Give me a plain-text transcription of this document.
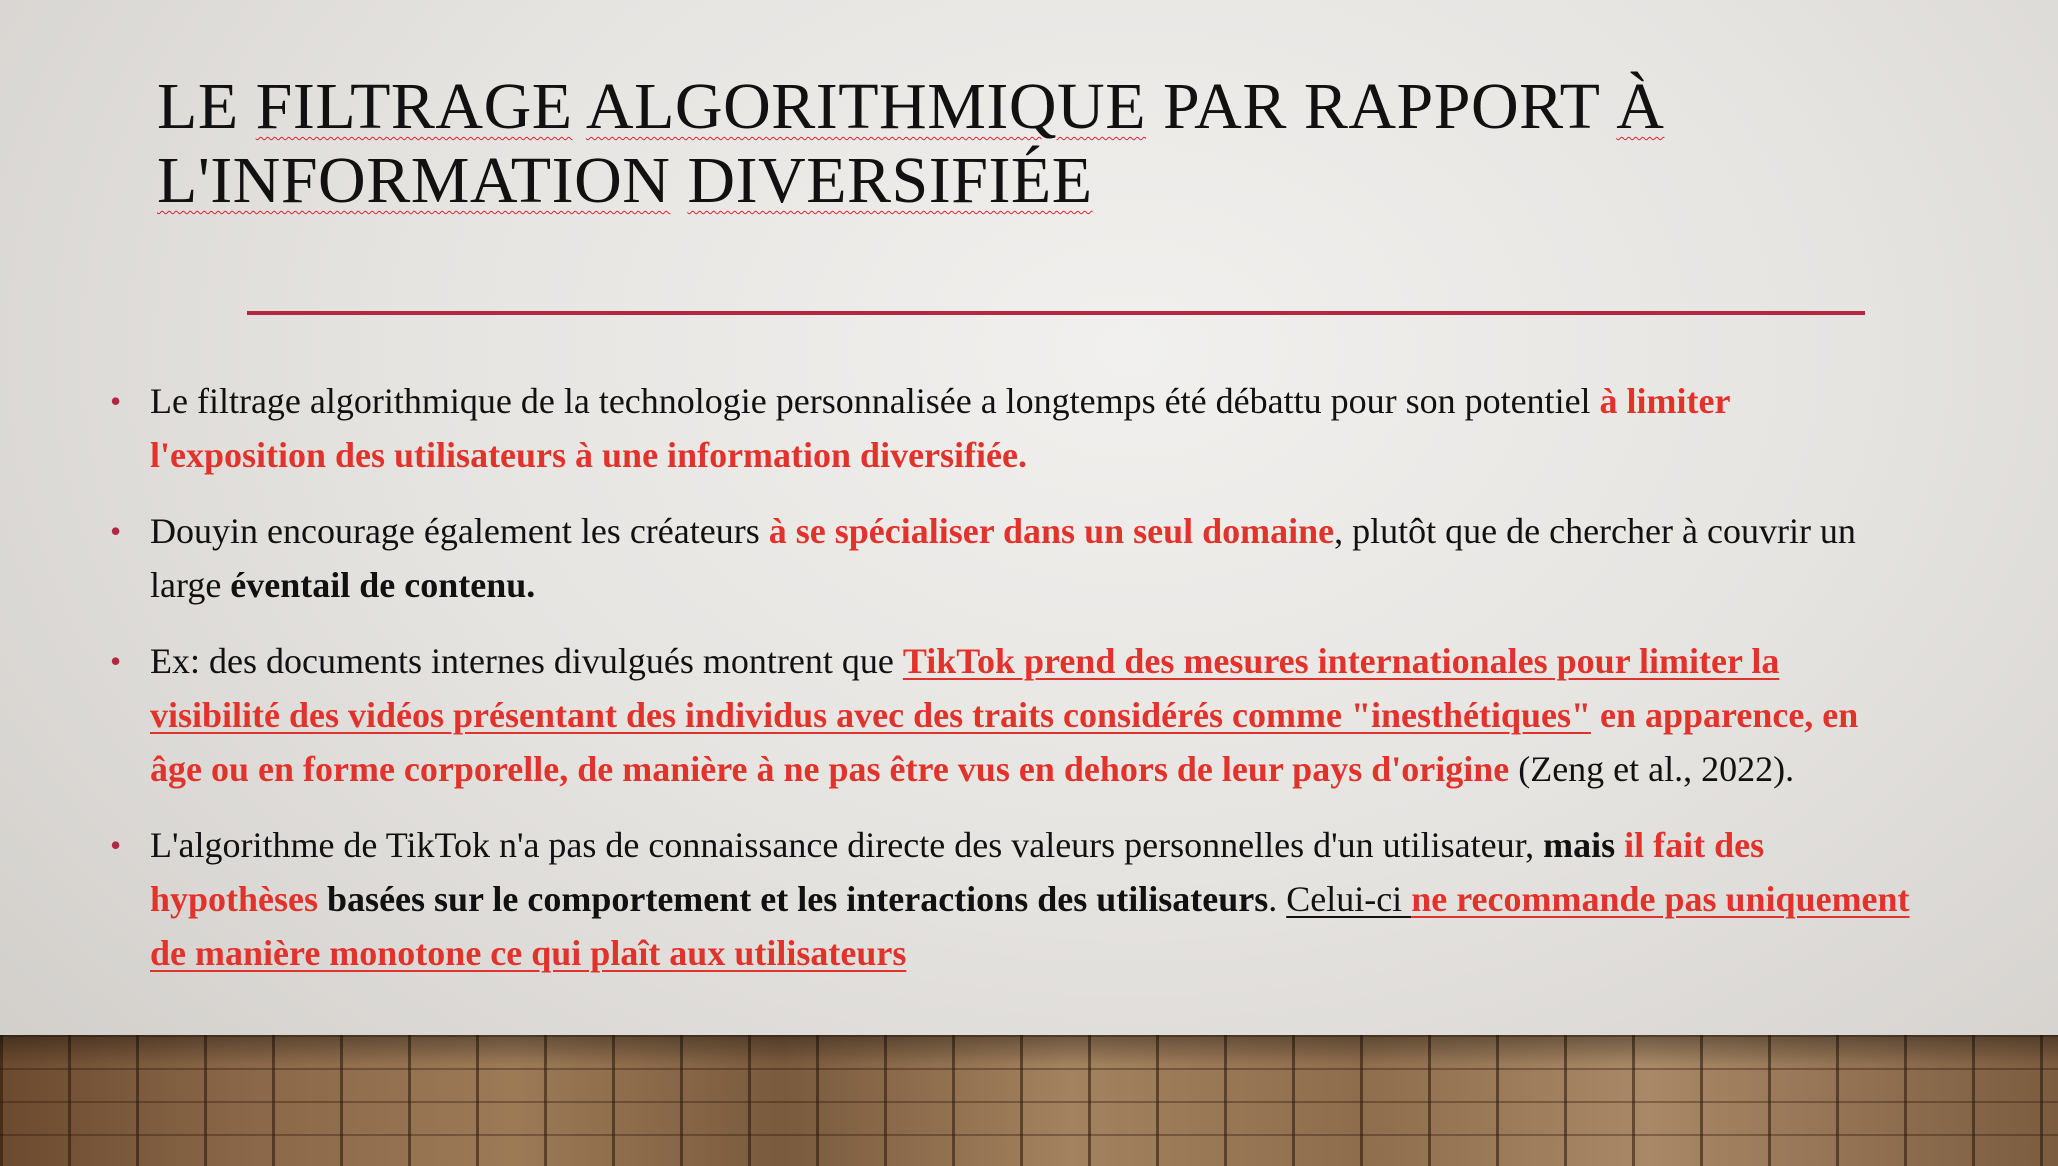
LE FILTRAGE ALGORITHMIQUE PAR RAPPORT À
L'INFORMATION DIVERSIFIÉE
• Le filtrage algorithmique de la technologie personnalisée a longtemps été débattu pour son potentiel à limiter l'exposition des utilisateurs à une information diversifiée.
• Douyin encourage également les créateurs à se spécialiser dans un seul domaine, plutôt que de chercher à couvrir un large éventail de contenu.
• Ex: des documents internes divulgués montrent que TikTok prend des mesures internationales pour limiter la visibilité des vidéos présentant des individus avec des traits considérés comme "inesthétiques" en apparence, en âge ou en forme corporelle, de manière à ne pas être vus en dehors de leur pays d'origine (Zeng et al., 2022).
• L'algorithme de TikTok n'a pas de connaissance directe des valeurs personnelles d'un utilisateur, mais il fait des hypothèses basées sur le comportement et les interactions des utilisateurs. Celui-ci ne recommande pas uniquement de manière monotone ce qui plaît aux utilisateurs
